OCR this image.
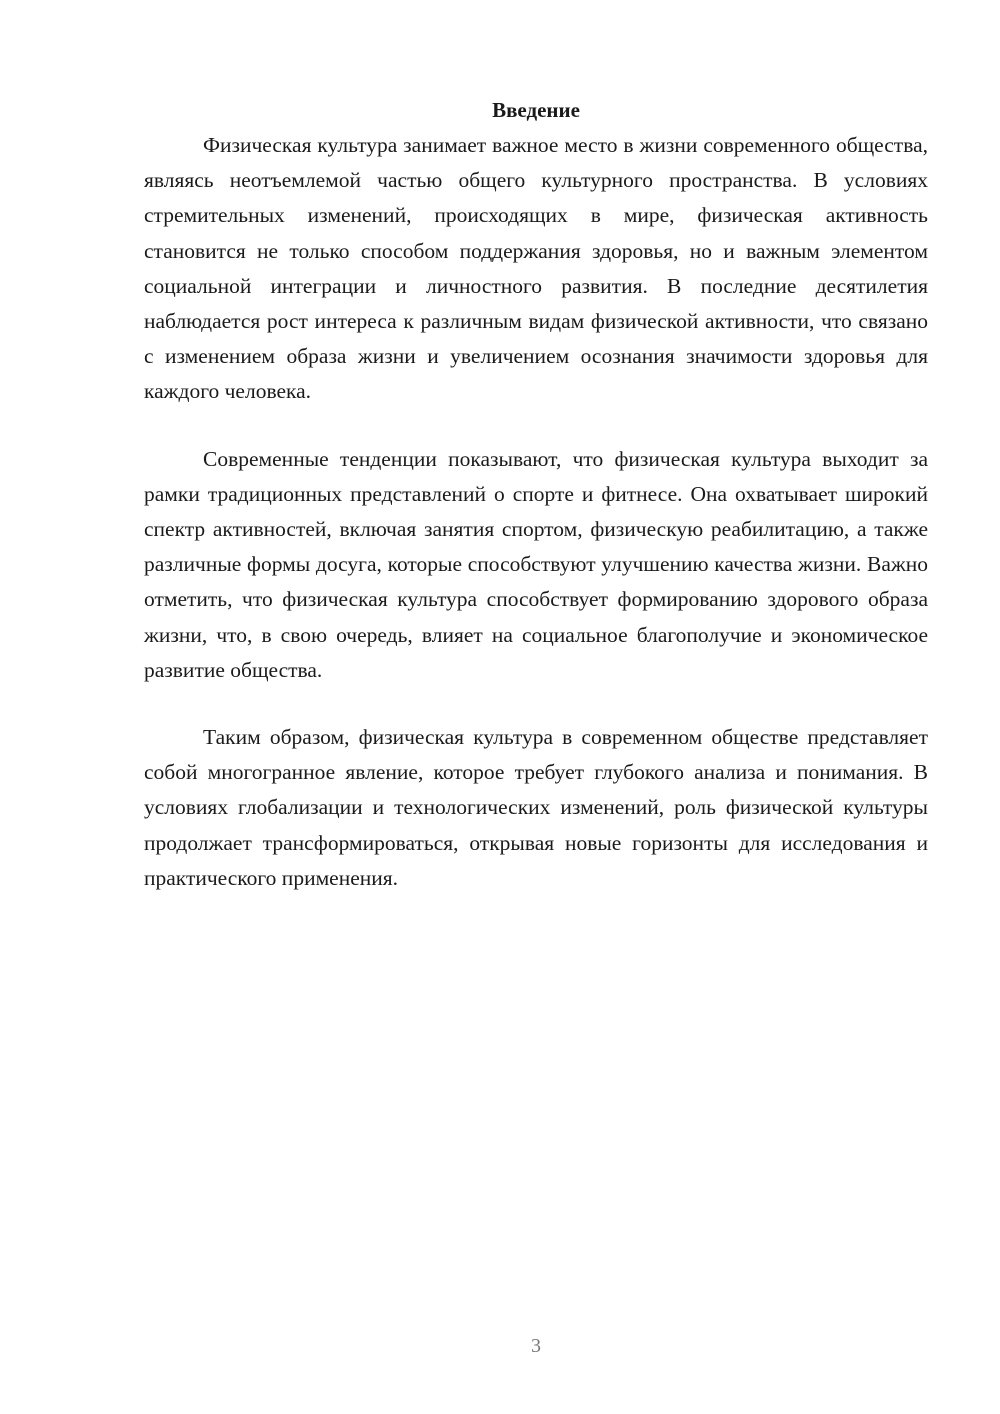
Введение

Физическая культура занимает важное место в жизни современного общества, являясь неотъемлемой частью общего культурного пространства. В условиях стремительных изменений, происходящих в мире, физическая активность становится не только способом поддержания здоровья, но и важным элементом социальной интеграции и личностного развития. В последние десятилетия наблюдается рост интереса к различным видам физической активности, что связано с изменением образа жизни и увеличением осознания значимости здоровья для каждого человека.

Современные тенденции показывают, что физическая культура выходит за рамки традиционных представлений о спорте и фитнесе. Она охватывает широкий спектр активностей, включая занятия спортом, физическую реабилитацию, а также различные формы досуга, которые способствуют улучшению качества жизни. Важно отметить, что физическая культура способствует формированию здорового образа жизни, что, в свою очередь, влияет на социальное благополучие и экономическое развитие общества.

Таким образом, физическая культура в современном обществе представляет собой многогранное явление, которое требует глубокого анализа и понимания. В условиях глобализации и технологических изменений, роль физической культуры продолжает трансформироваться, открывая новые горизонты для исследования и практического применения.

3
